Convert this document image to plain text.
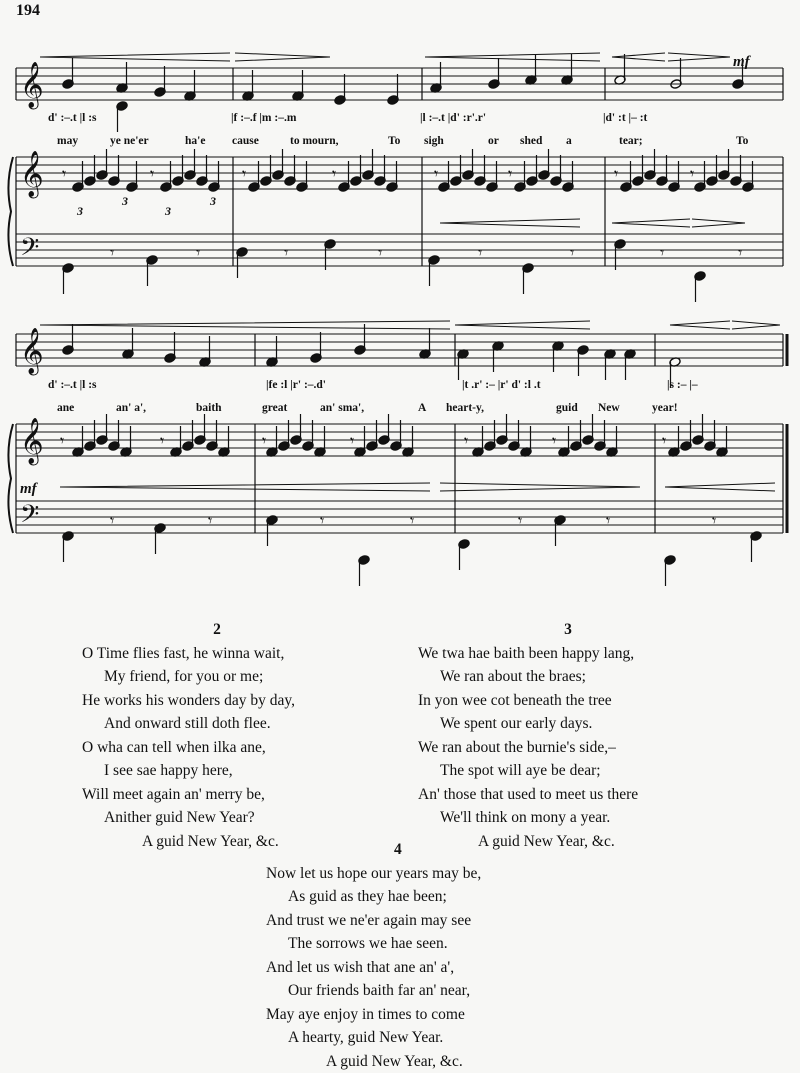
194
𝄾	𝄾	𝄾	𝄾	𝄾	𝄾	𝄾	𝄾
𝄾	𝄾	𝄾	𝄾	𝄾	𝄾	𝄾
𝄾	𝄾	𝄾	𝄾	𝄾	𝄾	𝄾	𝄾
𝄾	𝄾	𝄾	𝄾	𝄾	𝄾	𝄾
𝄞
𝄞
𝄢
𝄞
𝄞
𝄢
mf
mf
d' :–.t |l :s	|f :–.f |m :–.m	|l :–.t |d' :r'.r'	|d' :t |– :t
may	ye ne'er	ha'e cause	to mourn,	To sigh	or shed a	tear;	To
3
3
3
3
d' :–.t |l :s	|fe :l |r' :–.d'	|t .r' :– |r' d' :l .t	|s :– |–
ane	an' a',	baith	great	an' sma',	A heart-y,	guid New	year!
2
O Time flies fast, he winna wait,
My friend, for you or me;
He works his wonders day by day,
And onward still doth flee.
O wha can tell when ilka ane,
I see sae happy here,
Will meet again an' merry be,
Anither guid New Year?
A guid New Year, &c.
3
We twa hae baith been happy lang,
We ran about the braes;
In yon wee cot beneath the tree
We spent our early days.
We ran about the burnie's side,–
The spot will aye be dear;
An' those that used to meet us there
We'll think on mony a year.
A guid New Year, &c.
4
Now let us hope our years may be,
As guid as they hae been;
And trust we ne'er again may see
The sorrows we hae seen.
And let us wish that ane an' a',
Our friends baith far an' near,
May aye enjoy in times to come
A hearty, guid New Year.
A guid New Year, &c.
